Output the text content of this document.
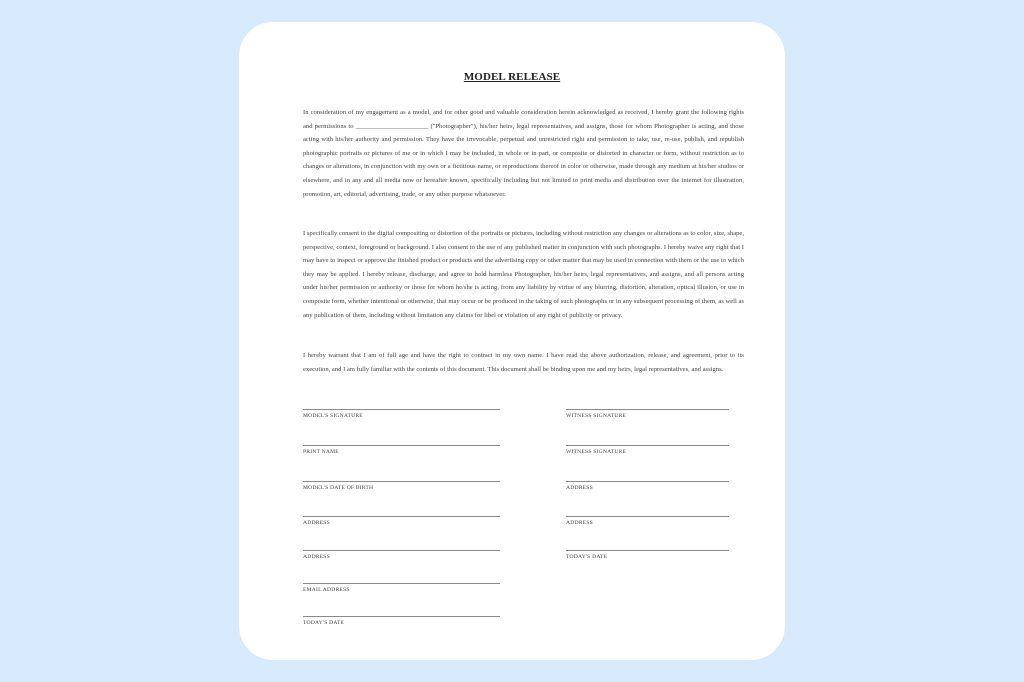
MODEL RELEASE

In consideration of my engagement as a model, and for other good and valuable consideration herein acknowledged as received, I hereby grant the following rights and permissions to ______________________ ("Photographer"), his/her heirs, legal representatives, and assigns, those for whom Photographer is acting, and those acting with his/her authority and permission. They have the irrevocable, perpetual and unrestricted right and permission to take, use, re-use, publish, and republish photographic portraits or pictures of me or in which I may be included, in whole or in part, or composite or distorted in character or form, without restriction as to changes or alterations, in conjunction with my own or a fictitious name, or reproductions thereof in color or otherwise, made through any medium at his/her studios or elsewhere, and in any and all media now or hereafter known, specifically including but not limited to print media and distribution over the internet for illustration, promotion, art, editorial, advertising, trade, or any other purpose whatsoever.

I specifically consent to the digital compositing or distortion of the portraits or pictures, including without restriction any changes or alterations as to color, size, shape, perspective, context, foreground or background. I also consent to the use of any published matter in conjunction with such photographs. I hereby waive any right that I may have to inspect or approve the finished product or products and the advertising copy or other matter that may be used in connection with them or the use to which they may be applied. I hereby release, discharge, and agree to hold harmless Photographer, his/her heirs, legal representatives, and assigns, and all persons acting under his/her permission or authority or those for whom he/she is acting, from any liability by virtue of any blurring, distortion, alteration, optical illusion, or use in composite form, whether intentional or otherwise, that may occur or be produced in the taking of such photographs or in any subsequent processing of them, as well as any publication of them, including without limitation any claims for libel or violation of any right of publicity or privacy.

I hereby warrant that I am of full age and have the right to contract in my own name. I have read the above authorization, release, and agreement, prior to its execution, and I am fully familiar with the contents of this document. This document shall be binding upon me and my heirs, legal representatives, and assigns.

MODEL'S SIGNATURE
PRINT NAME
MODEL'S DATE OF BIRTH
ADDRESS
ADDRESS
EMAIL ADDRESS
TODAY'S DATE
WITNESS SIGNATURE
WITNESS SIGNATURE
ADDRESS
ADDRESS
TODAY'S DATE
